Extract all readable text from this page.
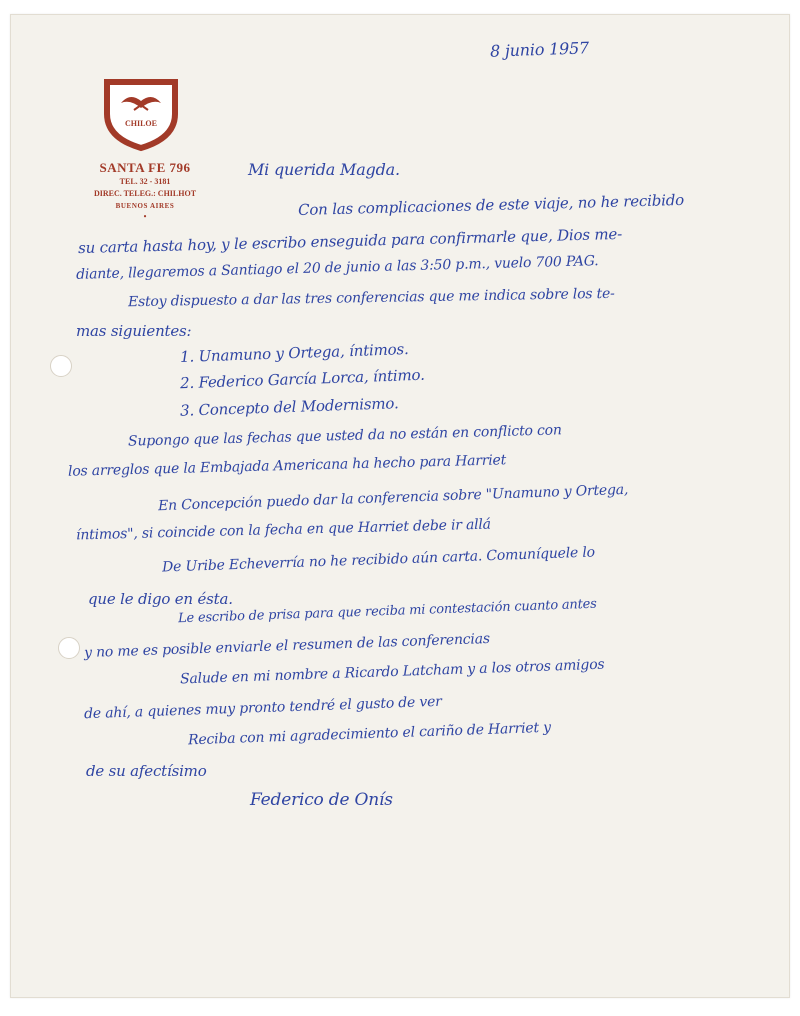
CHILOE
SANTA FE 796
TEL. 32 - 3181
DIREC. TELEG.: CHILHOT
BUENOS AIRES
•
8 junio 1957
Mi querida Magda.
Con las complicaciones de este viaje, no he recibido
su carta hasta hoy, y le escribo enseguida para confirmarle que, Dios me-
diante, llegaremos a Santiago el 20 de junio a las 3:50 p.m., vuelo 700 PAG.
Estoy dispuesto a dar las tres conferencias que me indica sobre los te-
mas siguientes:
1. Unamuno y Ortega, íntimos.
2. Federico García Lorca, íntimo.
3. Concepto del Modernismo.
Supongo que las fechas que usted da no están en conflicto con
los arreglos que la Embajada Americana ha hecho para Harriet
En Concepción puedo dar la conferencia sobre "Unamuno y Ortega,
íntimos", si coincide con la fecha en que Harriet debe ir allá
De Uribe Echeverría no he recibido aún carta. Comuníquele lo
que le digo en ésta.
Le escribo de prisa para que reciba mi contestación cuanto antes
y no me es posible enviarle el resumen de las conferencias
Salude en mi nombre a Ricardo Latcham y a los otros amigos
de ahí, a quienes muy pronto tendré el gusto de ver
Reciba con mi agradecimiento el cariño de Harriet y
de su afectísimo
Federico de Onís
